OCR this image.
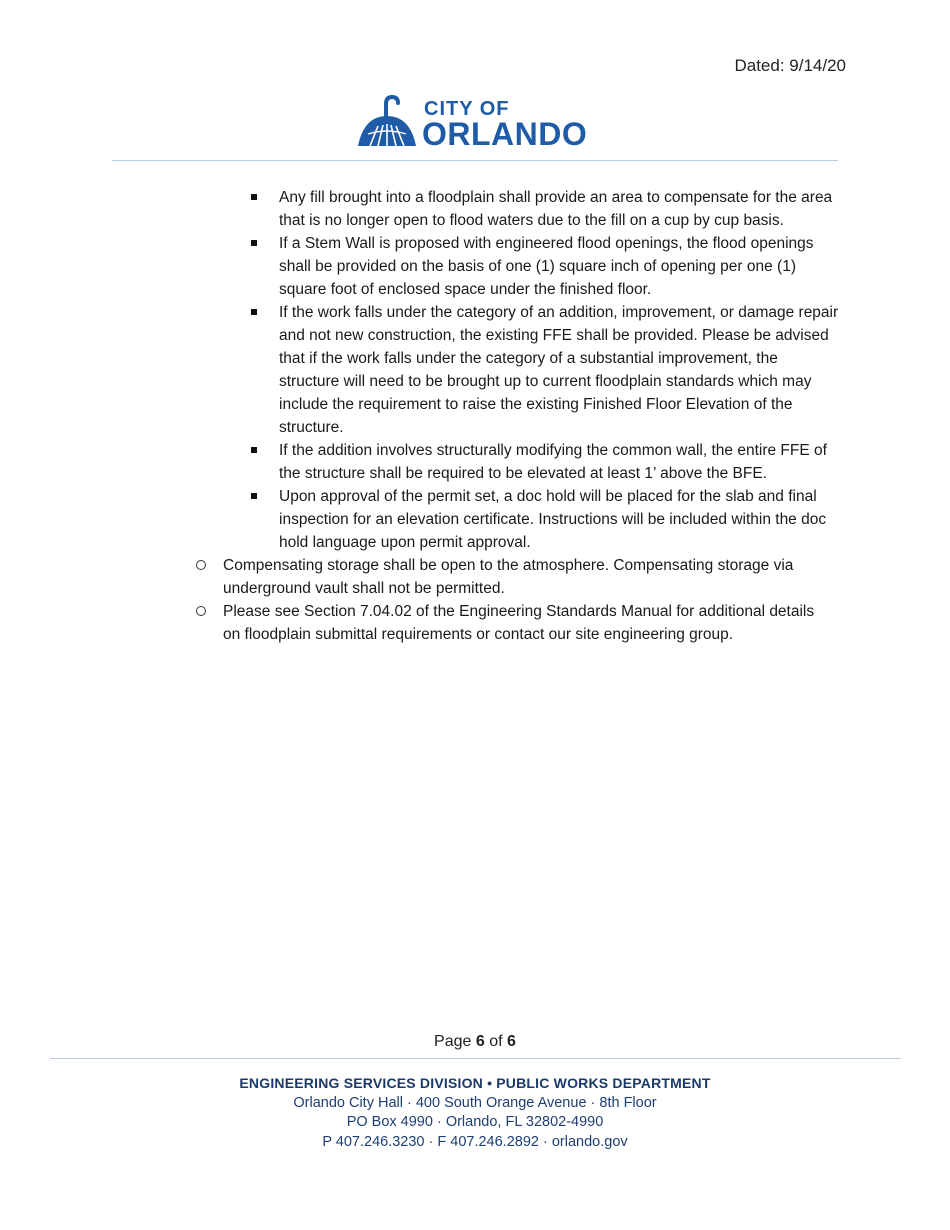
Dated: 9/14/20
CITY OF
ORLANDO
Any fill brought into a floodplain shall provide an area to compensate for the area that is no longer open to flood waters due to the fill on a cup by cup basis.
If a Stem Wall is proposed with engineered flood openings, the flood openings shall be provided on the basis of one (1) square inch of opening per one (1) square foot of enclosed space under the finished floor.
If the work falls under the category of an addition, improvement, or damage repair and not new construction, the existing FFE shall be provided. Please be advised that if the work falls under the category of a substantial improvement, the structure will need to be brought up to current floodplain standards which may include the requirement to raise the existing Finished Floor Elevation of the structure.
If the addition involves structurally modifying the common wall, the entire FFE of the structure shall be required to be elevated at least 1’ above the BFE.
Upon approval of the permit set, a doc hold will be placed for the slab and final inspection for an elevation certificate. Instructions will be included within the doc hold language upon permit approval.
Compensating storage shall be open to the atmosphere. Compensating storage via underground vault shall not be permitted.
Please see Section 7.04.02 of the Engineering Standards Manual for additional details on floodplain submittal requirements or contact our site engineering group.
Page 6 of 6
ENGINEERING SERVICES DIVISION • PUBLIC WORKS DEPARTMENT
Orlando City Hall · 400 South Orange Avenue · 8th Floor
PO Box 4990 · Orlando, FL 32802-4990
P 407.246.3230 · F 407.246.2892 · orlando.gov
